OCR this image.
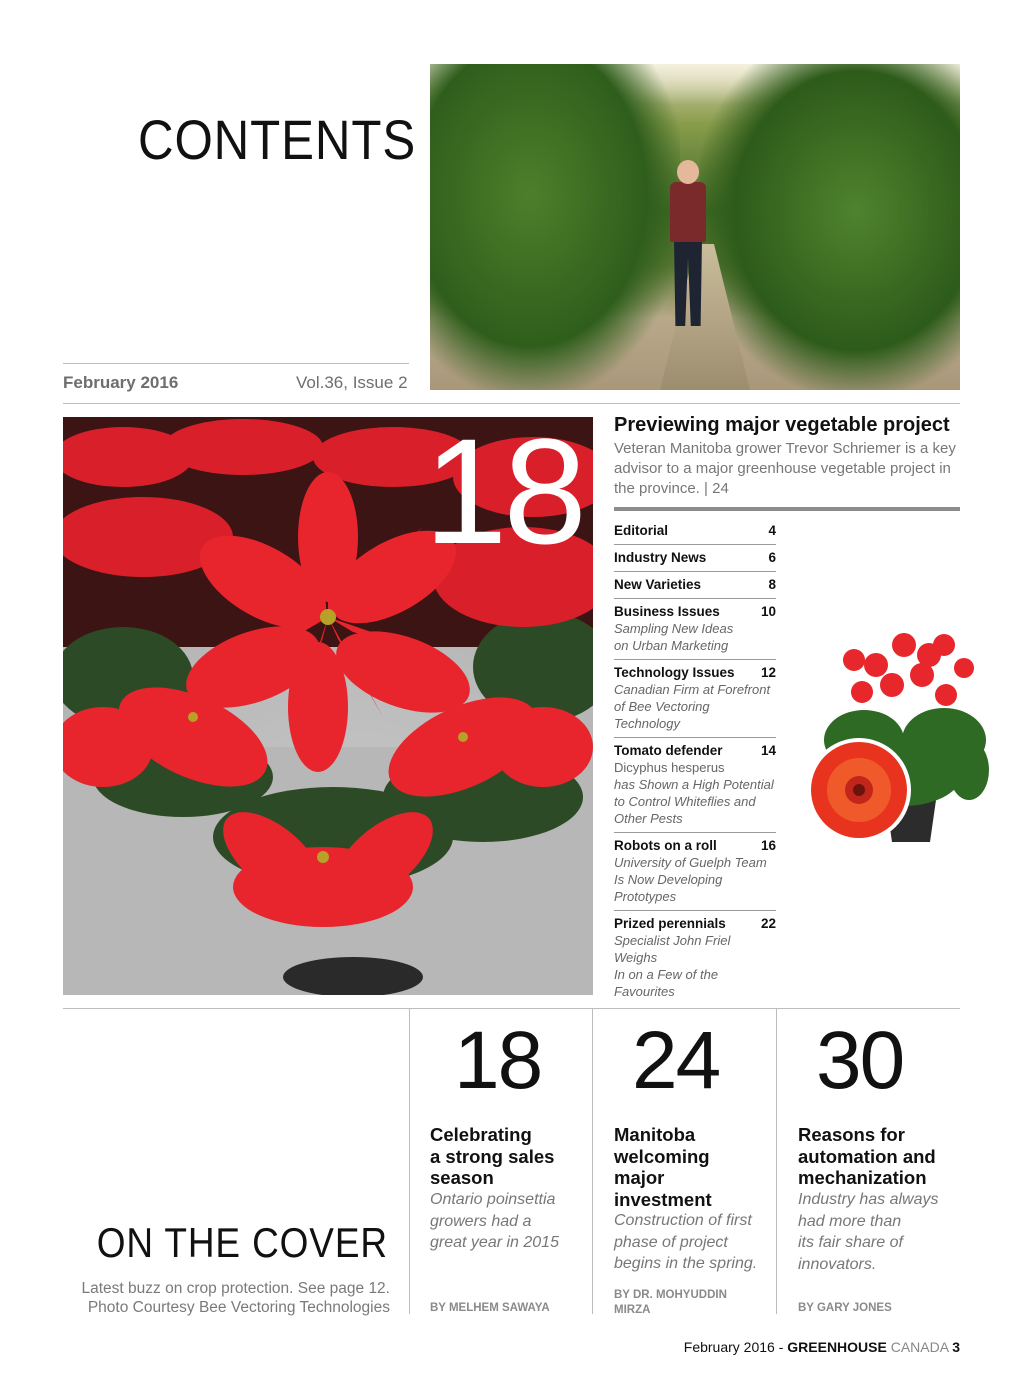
CONTENTS
February 2016	Vol.36, Issue 2
18 Previewing major vegetable project
Veteran Manitoba grower Trevor Schriemer is a key advisor to a major greenhouse vegetable project in the province. | 24
Editorial	4
Industry News	6
New Varieties	8
Business Issues	10
Sampling New Ideas
on Urban Marketing
Technology Issues 12
Canadian Firm at Forefront
of Bee Vectoring Technology
Tomato defender	14
Dicyphus hesperus
has Shown a High Potential
to Control Whiteflies and
Other Pests
Robots on a roll	16
University of Guelph Team
Is Now Developing
Prototypes
Prized perennials	22
Specialist John Friel Weighs
In on a Few of the
Favourites
18
Celebrating
a strong sales
season
Ontario poinsettia
growers had a
great year in 2015
BY MELHEM SAWAYA
24
Manitoba
welcoming
major
investment
Construction of first
phase of project
begins in the spring.
BY DR. MOHYUDDIN
MIRZA
30
Reasons for
automation and
mechanization
Industry has always
had more than
its fair share of
innovators.
BY GARY JONES
ON THE COVER
Latest buzz on crop protection. See page 12.
Photo Courtesy Bee Vectoring Technologies
February 2016 - GREENHOUSE CANADA 3
